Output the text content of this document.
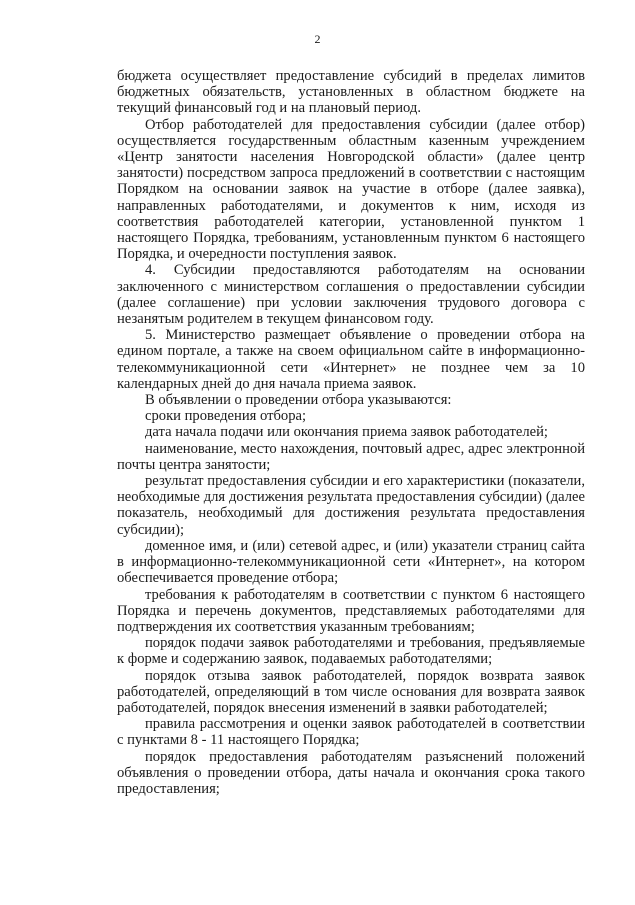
2

бюджета осуществляет предоставление субсидий в пределах лимитов бюджетных обязательств, установленных в областном бюджете на текущий финансовый год и на плановый период.

Отбор работодателей для предоставления субсидии (далее отбор) осуществляется государственным областным казенным учреждением «Центр занятости населения Новгородской области» (далее центр занятости) посредством запроса предложений в соответствии с настоящим Порядком на основании заявок на участие в отборе (далее заявка), направленных работодателями, и документов к ним, исходя из соответствия работодателей категории, установленной пунктом 1 настоящего Порядка, требованиям, установленным пунктом 6 настоящего Порядка, и очередности поступления заявок.

4. Субсидии предоставляются работодателям на основании заключенного с министерством соглашения о предоставлении субсидии (далее соглашение) при условии заключения трудового договора с незанятым родителем в текущем финансовом году.

5. Министерство размещает объявление о проведении отбора на едином портале, а также на своем официальном сайте в информационно-телекоммуникационной сети «Интернет» не позднее чем за 10 календарных дней до дня начала приема заявок.

В объявлении о проведении отбора указываются:

сроки проведения отбора;

дата начала подачи или окончания приема заявок работодателей;

наименование, место нахождения, почтовый адрес, адрес электронной почты центра занятости;

результат предоставления субсидии и его характеристики (показатели, необходимые для достижения результата предоставления субсидии) (далее показатель, необходимый для достижения результата предоставления субсидии);

доменное имя, и (или) сетевой адрес, и (или) указатели страниц сайта в информационно-телекоммуникационной сети «Интернет», на котором обеспечивается проведение отбора;

требования к работодателям в соответствии с пунктом 6 настоящего Порядка и перечень документов, представляемых работодателями для подтверждения их соответствия указанным требованиям;

порядок подачи заявок работодателями и требования, предъявляемые к форме и содержанию заявок, подаваемых работодателями;

порядок отзыва заявок работодателей, порядок возврата заявок работодателей, определяющий в том числе основания для возврата заявок работодателей, порядок внесения изменений в заявки работодателей;

правила рассмотрения и оценки заявок работодателей в соответствии с пунктами 8 - 11 настоящего Порядка;

порядок предоставления работодателям разъяснений положений объявления о проведении отбора, даты начала и окончания срока такого предоставления;
